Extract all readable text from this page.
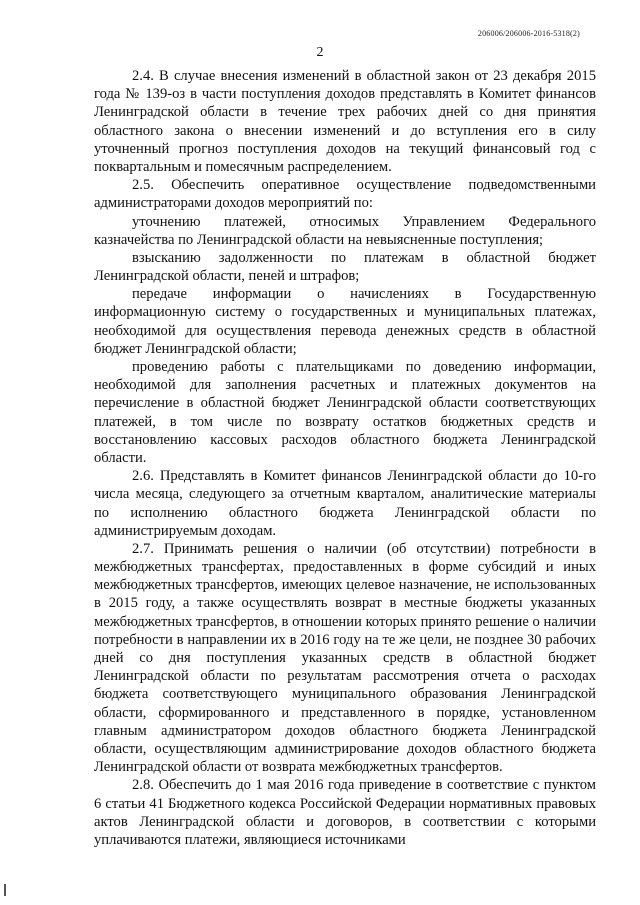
206006/206006-2016-5318(2)
2

2.4. В случае внесения изменений в областной закон от 23 декабря 2015 года № 139-оз в части поступления доходов представлять в Комитет финансов Ленинградской области в течение трех рабочих дней со дня принятия областного закона о внесении изменений и до вступления его в силу уточненный прогноз поступления доходов на текущий финансовый год с поквартальным и помесячным распределением.

2.5. Обеспечить оперативное осуществление подведомственными администраторами доходов мероприятий по:

уточнению платежей, относимых Управлением Федерального казначейства по Ленинградской области на невыясненные поступления;

взысканию задолженности по платежам в областной бюджет Ленинградской области, пеней и штрафов;

передаче информации о начислениях в Государственную информационную систему о государственных и муниципальных платежах, необходимой для осуществления перевода денежных средств в областной бюджет Ленинградской области;

проведению работы с плательщиками по доведению информации, необходимой для заполнения расчетных и платежных документов на перечисление в областной бюджет Ленинградской области соответствующих платежей, в том числе по возврату остатков бюджетных средств и восстановлению кассовых расходов областного бюджета Ленинградской области.

2.6. Представлять в Комитет финансов Ленинградской области до 10-го числа месяца, следующего за отчетным кварталом, аналитические материалы по исполнению областного бюджета Ленинградской области по администрируемым доходам.

2.7. Принимать решения о наличии (об отсутствии) потребности в межбюджетных трансфертах, предоставленных в форме субсидий и иных межбюджетных трансфертов, имеющих целевое назначение, не использованных в 2015 году, а также осуществлять возврат в местные бюджеты указанных межбюджетных трансфертов, в отношении которых принято решение о наличии потребности в направлении их в 2016 году на те же цели, не позднее 30 рабочих дней со дня поступления указанных средств в областной бюджет Ленинградской области по результатам рассмотрения отчета о расходах бюджета соответствующего муниципального образования Ленинградской области, сформированного и представленного в порядке, установленном главным администратором доходов областного бюджета Ленинградской области, осуществляющим администрирование доходов областного бюджета Ленинградской области от возврата межбюджетных трансфертов.

2.8. Обеспечить до 1 мая 2016 года приведение в соответствие с пунктом 6 статьи 41 Бюджетного кодекса Российской Федерации нормативных правовых актов Ленинградской области и договоров, в соответствии с которыми уплачиваются платежи, являющиеся источниками
